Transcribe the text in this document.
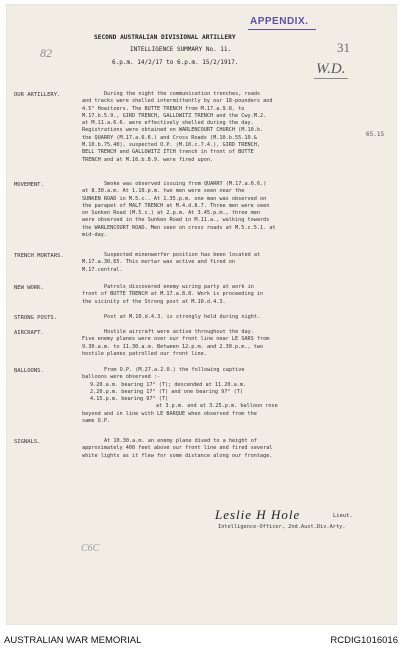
APPENDIX.
31
W.D.
82
65.15
C6C
SECOND AUSTRALIAN DIVISIONAL ARTILLERY
INTELLIGENCE SUMMARY No. 11.
6.p.m. 14/2/17 to 6.p.m. 15/2/1917.
OUR ARTILLERY.	During the night the communication trenches, roads
and tracks were shelled intermittently by our 18-pounders and
4.5" Howitzers. The BUTTE TRENCH from M.17.a.9.8. to
M.17.b.5.9., GIRD TRENCH, GALLOWITZ TRENCH and the Cwy.M.2.
at M.11.a.6.6. were effectively shelled during the day.
Registrations were obtained on WARLENCOURT CHURCH (M.10.b.
the QUARRY (M.17.a.6.6.) and Cross Roads (M.10.b.55.10.&
M.10.b.75.40), suspected O.P. (M.10.c.7.4.), GIRD TRENCH,
BELL TRENCH and GALLOWITZ ITCH trench in front of BUTTE
TRENCH and at M.16.b.8.9. were fired upon.
MOVEMENT.	Smoke was observed issuing from QUARRY (M.17.a.6.6.)
at 8.30.a.m. At 1.10.p.m. two men were seen near the
SUNKEN ROAD in M.5.c.. At 1.35.p.m. one man was observed on
the parapet of MALT TRENCH at M.4.d.8.7. Three men were seen
on Sunken Road (M.5.c.) at 2.p.m. At 3.45.p.m., three men
were observed in the Sunken Road in M.11.a., walking towards
the WARLENCOURT ROAD. Men seen on cross roads at M.5.c.5.1. at
mid-day.
TRENCH MORTARS.	Suspected minenwerfer position has been located at
M.17.a.30.65. This mortar was active and fired on
M.17.central.
NEW WORK.	Patrols discovered enemy wiring party at work in
front of BUTTE TRENCH at M.17.a.8.8. Work is proceeding in
the vicinity of the Strong post at M.10.d.4.3.
STRONG POSTS.	Post at M.10.d.4.3. is strongly held during night.
AIRCRAFT.	Hostile aircraft were active throughout the day.
Five enemy planes were over our front line near LE SARS from
9.30.a.m. to 11.30.a.m. Between 12.p.m. and 2.30.p.m., two
hostile planes patrolled our front line.
BALLOONS.	From O.P. (M.27.a.2.0.) the following captive
balloons were observed :-
9.20.a.m. bearing 17° (T); descended at 11.20.a.m.
2.20.p.m. bearing 17° (T) and one bearing 97° (T)
4.15.p.m. bearing 97° (T)
at 3.p.m. and at 3.25.p.m. balloon rose
beyond and in line with LE BARQUE when observed from the
same O.P.
SIGNALS.	At 10.30.a.m. an enemy plane dived to a height of
approximately 400 feet above our front line and fired several
white lights as it flew for some distance along our frontage.
Leslie H Hole	Lieut.
Intelligence-Officer, 2nd.Aust.Div.Arty.
AUSTRALIAN WAR MEMORIAL	RCDIG1016016
